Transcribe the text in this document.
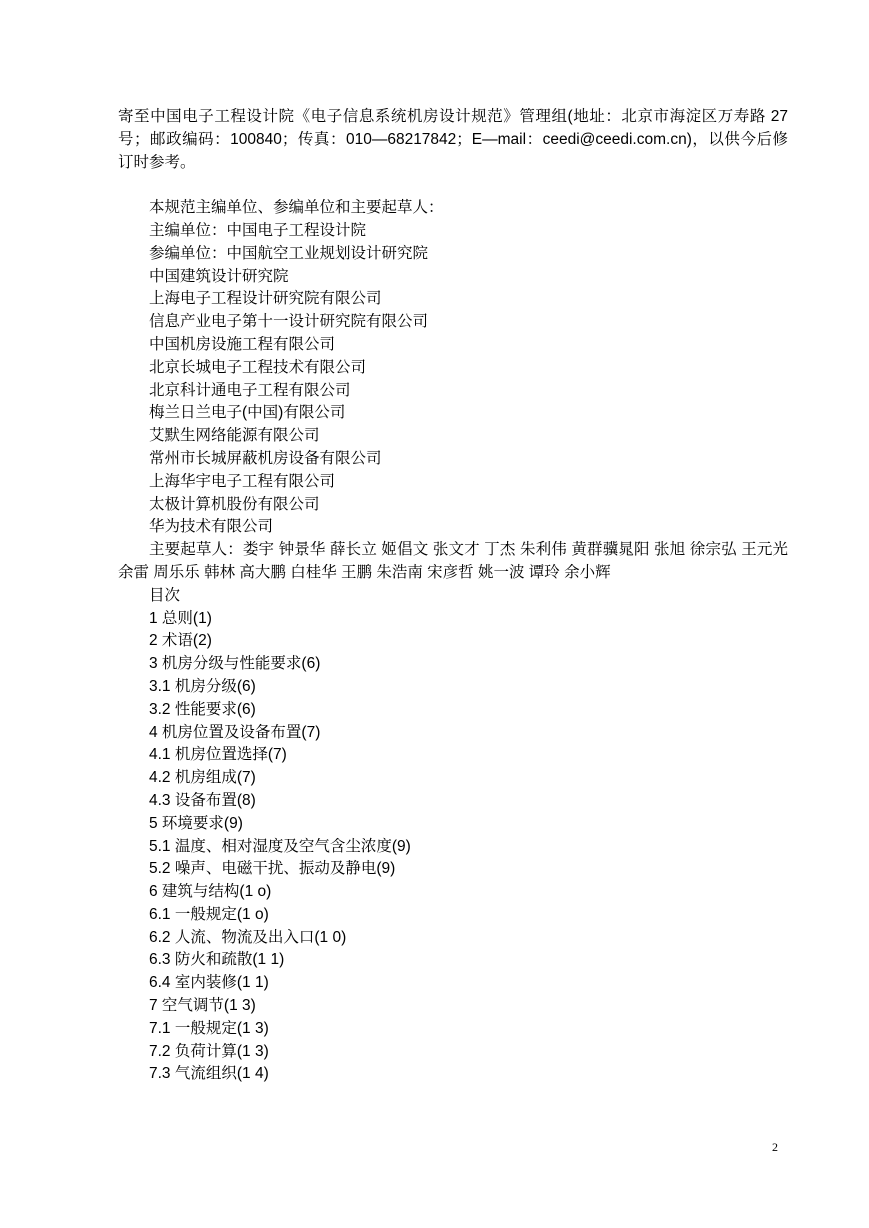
寄至中国电子工程设计院《电子信息系统机房设计规范》管理组(地址：北京市海淀区万寿路 27 号；邮政编码：100840；传真：010—68217842；E—mail：ceedi@ceedi.com.cn)，以供今后修订时参考。

本规范主编单位、参编单位和主要起草人：

主编单位：中国电子工程设计院

参编单位：中国航空工业规划设计研究院

中国建筑设计研究院

上海电子工程设计研究院有限公司

信息产业电子第十一设计研究院有限公司

中国机房设施工程有限公司

北京长城电子工程技术有限公司

北京科计通电子工程有限公司

梅兰日兰电子(中国)有限公司

艾默生网络能源有限公司

常州市长城屏蔽机房设备有限公司

上海华宇电子工程有限公司

太极计算机股份有限公司

华为技术有限公司

主要起草人：娄宇 钟景华 薛长立 姬倡文 张文才 丁杰 朱利伟 黄群骥晁阳 张旭 徐宗弘 王元光 余雷 周乐乐 韩林 高大鹏 白桂华 王鹏 朱浩南 宋彦哲 姚一波 谭玲 余小辉

目次

1 总则(1)

2 术语(2)

3 机房分级与性能要求(6)

3.1 机房分级(6)

3.2 性能要求(6)

4 机房位置及设备布置(7)

4.1 机房位置选择(7)

4.2 机房组成(7)

4.3 设备布置(8)

5 环境要求(9)

5.1 温度、相对湿度及空气含尘浓度(9)

5.2 噪声、电磁干扰、振动及静电(9)

6 建筑与结构(1 o)

6.1 一般规定(1 o)

6.2 人流、物流及出入口(1 0)

6.3 防火和疏散(1 1)

6.4 室内装修(1 1)

7 空气调节(1 3)

7.1 一般规定(1 3)

7.2 负荷计算(1 3)

7.3 气流组织(1 4)

2
